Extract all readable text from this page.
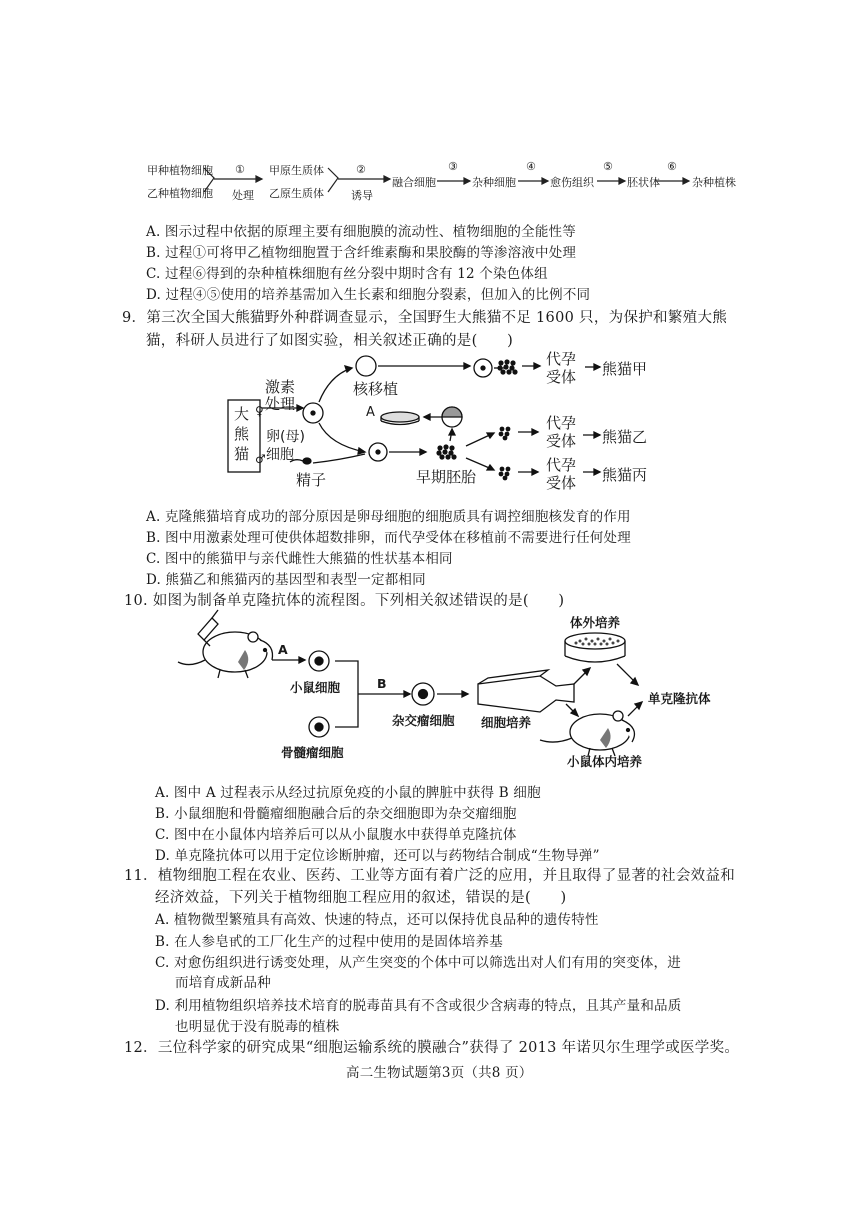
甲种植物细胞
乙种植物细胞
①
处理
甲原生质体
乙原生质体
②
诱导
融合细胞
③
杂种细胞
④
愈伤组织
⑤
胚状体
⑥
杂种植株
A. 图示过程中依据的原理主要有细胞膜的流动性、植物细胞的全能性等
B. 过程①可将甲乙植物细胞置于含纤维素酶和果胶酶的等渗溶液中处理
C. 过程⑥得到的杂种植株细胞有丝分裂中期时含有 12 个染色体组
D. 过程④⑤使用的培养基需加入生长素和细胞分裂素，但加入的比例不同
9．第三次全国大熊猫野外种群调查显示，全国野生大熊猫不足 1600 只，为保护和繁殖大熊
猫，科研人员进行了如图实验，相关叙述正确的是(　　)
大
熊
猫
♀
♂
激素
处理
卵(母)
细胞
精子
核移植
A
早期胚胎
代孕
受体
代孕
受体
代孕
受体
熊猫甲
熊猫乙
熊猫丙
A. 克隆熊猫培育成功的部分原因是卵母细胞的细胞质具有调控细胞核发育的作用
B. 图中用激素处理可使供体超数排卵，而代孕受体在移植前不需要进行任何处理
C. 图中的熊猫甲与亲代雌性大熊猫的性状基本相同
D. 熊猫乙和熊猫丙的基因型和表型一定都相同
10. 如图为制备单克隆抗体的流程图。下列相关叙述错误的是(　　)
A
B
小鼠细胞
骨髓瘤细胞
杂交瘤细胞 细胞培养
体外培养
小鼠体内培养
单克隆抗体
A. 图中 A 过程表示从经过抗原免疫的小鼠的脾脏中获得 B 细胞
B. 小鼠细胞和骨髓瘤细胞融合后的杂交细胞即为杂交瘤细胞
C. 图中在小鼠体内培养后可以从小鼠腹水中获得单克隆抗体
D. 单克隆抗体可以用于定位诊断肿瘤，还可以与药物结合制成“生物导弹”
11．植物细胞工程在农业、医药、工业等方面有着广泛的应用，并且取得了显著的社会效益和
经济效益，下列关于植物细胞工程应用的叙述，错误的是(　　)
A. 植物微型繁殖具有高效、快速的特点，还可以保持优良品种的遗传特性
B. 在人参皂甙的工厂化生产的过程中使用的是固体培养基
C. 对愈伤组织进行诱变处理，从产生突变的个体中可以筛选出对人们有用的突变体，进
而培育成新品种
D. 利用植物组织培养技术培育的脱毒苗具有不含或很少含病毒的特点，且其产量和品质
也明显优于没有脱毒的植株
12．三位科学家的研究成果“细胞运输系统的膜融合”获得了 2013 年诺贝尔生理学或医学奖。
高二生物试题第3页（共8 页）
